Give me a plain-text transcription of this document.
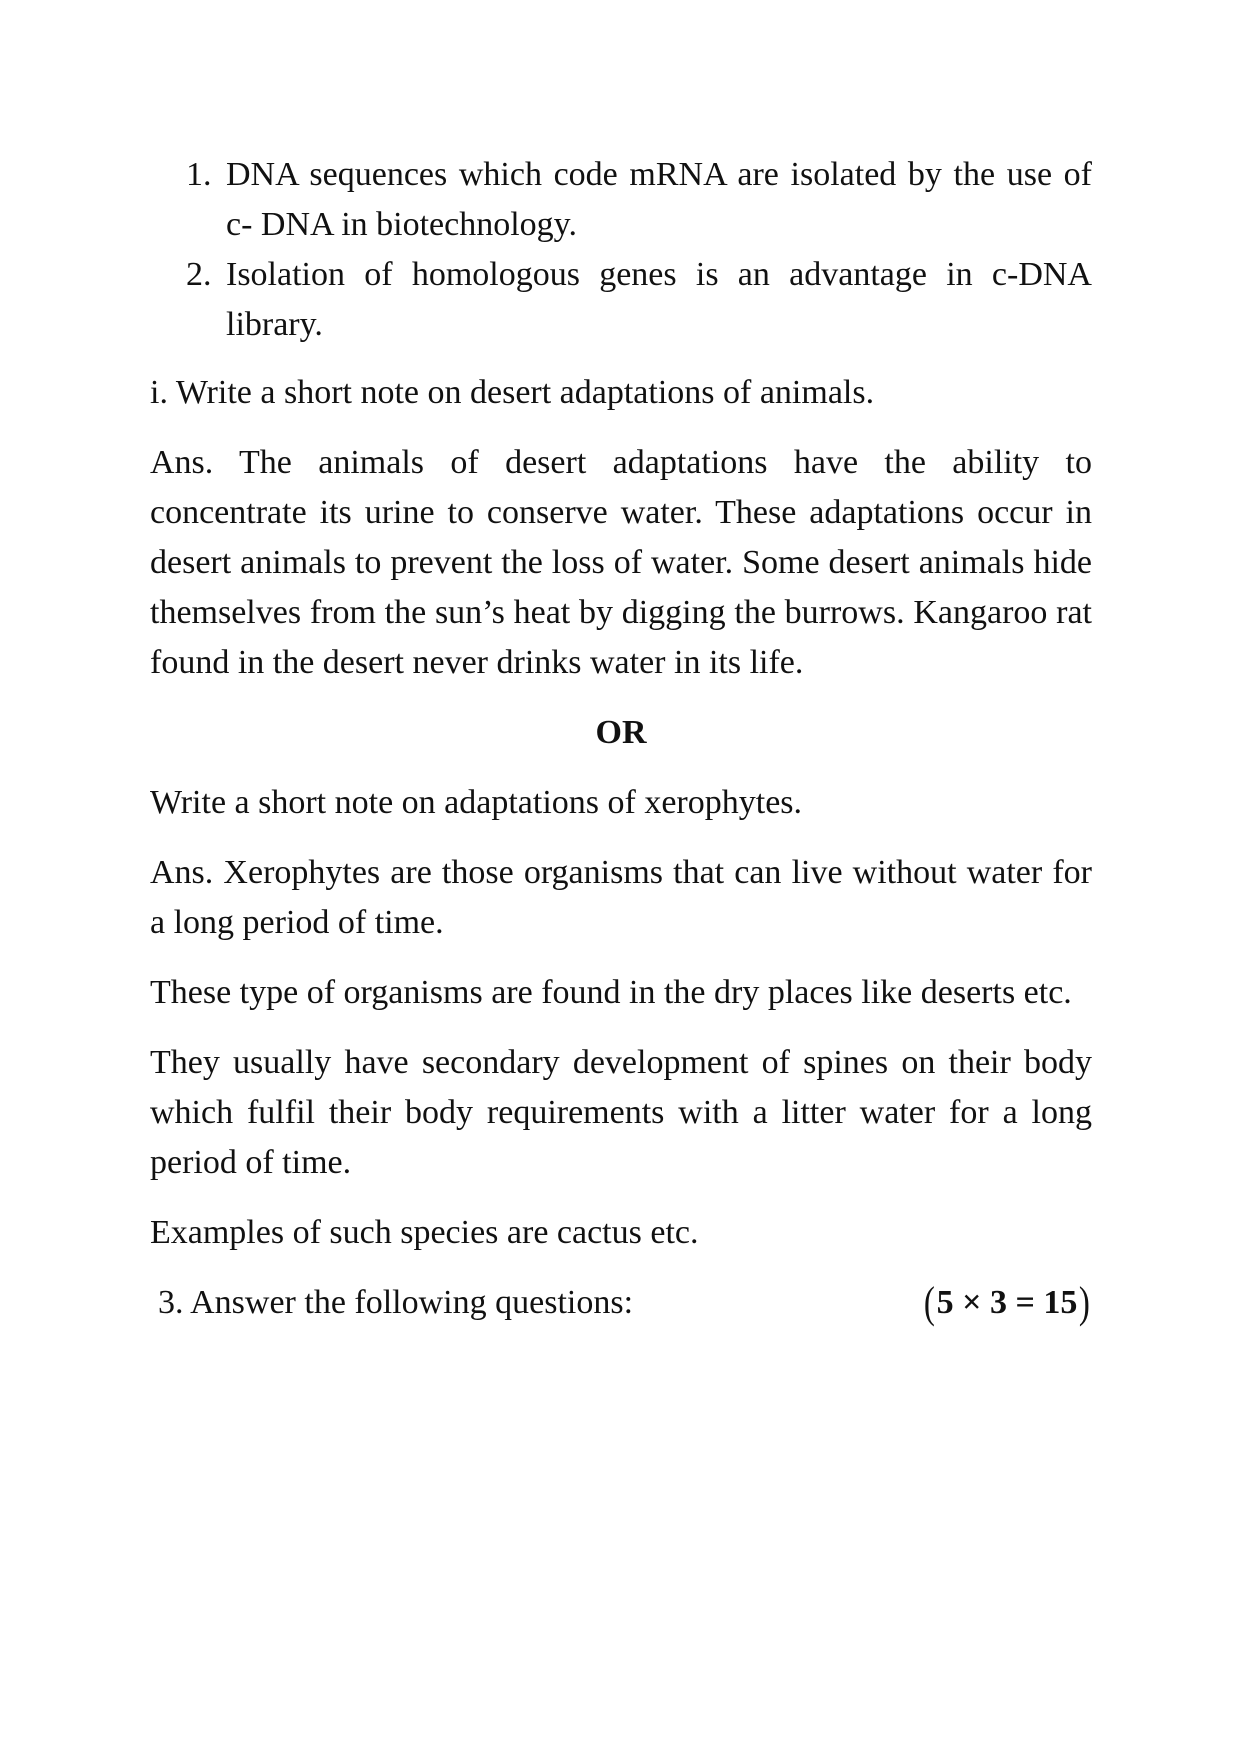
1. DNA sequences which code mRNA are isolated by the use of c- DNA in biotechnology.
2. Isolation of homologous genes is an advantage in c-DNA library.

i. Write a short note on desert adaptations of animals.

Ans. The animals of desert adaptations have the ability to concentrate its urine to conserve water. These adaptations occur in desert animals to prevent the loss of water. Some desert animals hide themselves from the sun’s heat by digging the burrows. Kangaroo rat found in the desert never drinks water in its life.

OR

Write a short note on adaptations of xerophytes.

Ans. Xerophytes are those organisms that can live without water for a long period of time.

These type of organisms are found in the dry places like deserts etc.

They usually have secondary development of spines on their body which fulfil their body requirements with a litter water for a long period of time.

Examples of such species are cactus etc.

3. Answer the following questions:	( 5 × 3 = 15 )
